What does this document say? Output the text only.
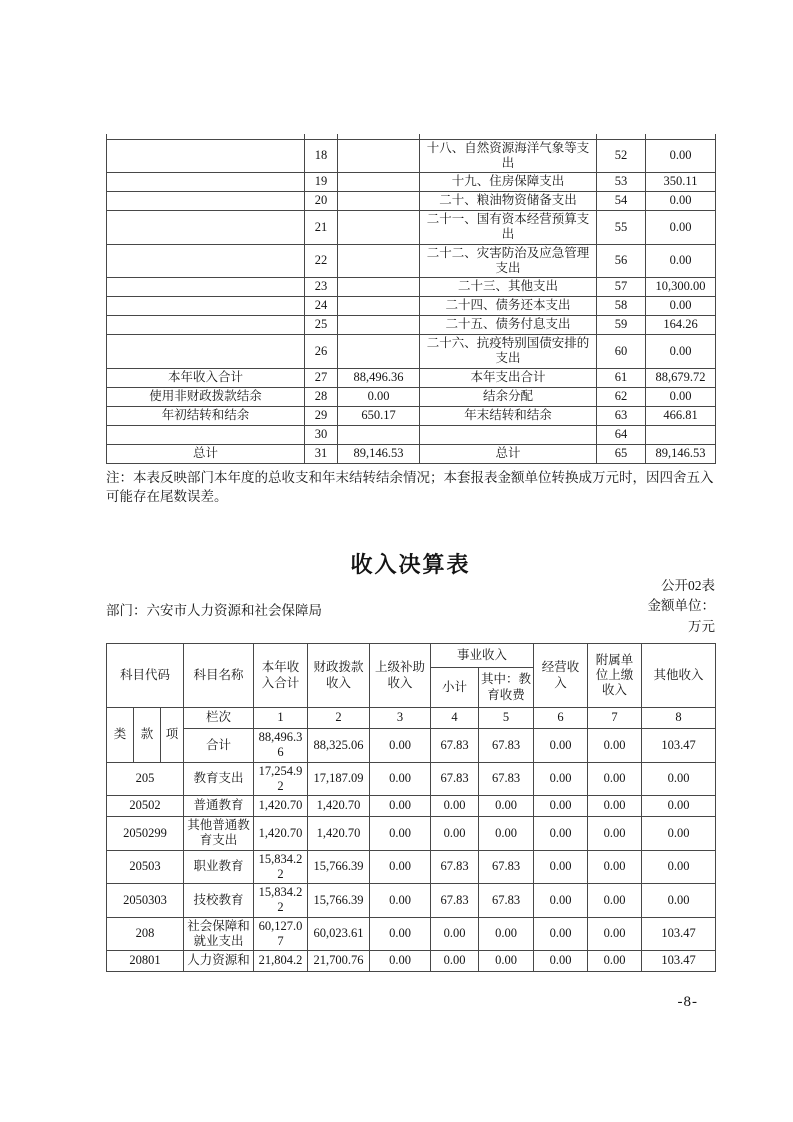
	18		十八、自然资源海洋气象等支出	52	0.00
	19		十九、住房保障支出	53	350.11
	20		二十、粮油物资储备支出	54	0.00
	21		二十一、国有资本经营预算支出	55	0.00
	22		二十二、灾害防治及应急管理支出	56	0.00
	23		二十三、其他支出	57	10,300.00
	24		二十四、债务还本支出	58	0.00
	25		二十五、债务付息支出	59	164.26
	26		二十六、抗疫特别国债安排的支出	60	0.00
本年收入合计	27	88,496.36	本年支出合计	61	88,679.72
使用非财政拨款结余	28	0.00	结余分配	62	0.00
年初结转和结余	29	650.17	年末结转和结余	63	466.81
	30			64	
总计	31	89,146.53	总计	65	89,146.53
注：本表反映部门本年度的总收支和年末结转结余情况；本套报表金额单位转换成万元时，因四舍五入可能存在尾数误差。
收入决算表
公开02表
金额单位：
万元
部门：六安市人力资源和社会保障局
科目代码			科目名称	本年收入合计	财政拨款收入	上级补助收入	事业收入		经营收入	附属单位上缴收入	其他收入
							小计	其中：教育收费			
类	款	项	栏次	1	2	3	4	5	6	7	8
			合计	88,496.36	88,325.06	0.00	67.83	67.83	0.00	0.00	103.47
205			教育支出	17,254.92	17,187.09	0.00	67.83	67.83	0.00	0.00	0.00
20502			普通教育	1,420.70	1,420.70	0.00	0.00	0.00	0.00	0.00	0.00
2050299			其他普通教育支出	1,420.70	1,420.70	0.00	0.00	0.00	0.00	0.00	0.00
20503			职业教育	15,834.22	15,766.39	0.00	67.83	67.83	0.00	0.00	0.00
2050303			技校教育	15,834.22	15,766.39	0.00	67.83	67.83	0.00	0.00	0.00
208			社会保障和就业支出	60,127.07	60,023.61	0.00	0.00	0.00	0.00	0.00	103.47
20801			人力资源和	21,804.2	21,700.76	0.00	0.00	0.00	0.00	0.00	103.47
-8-
